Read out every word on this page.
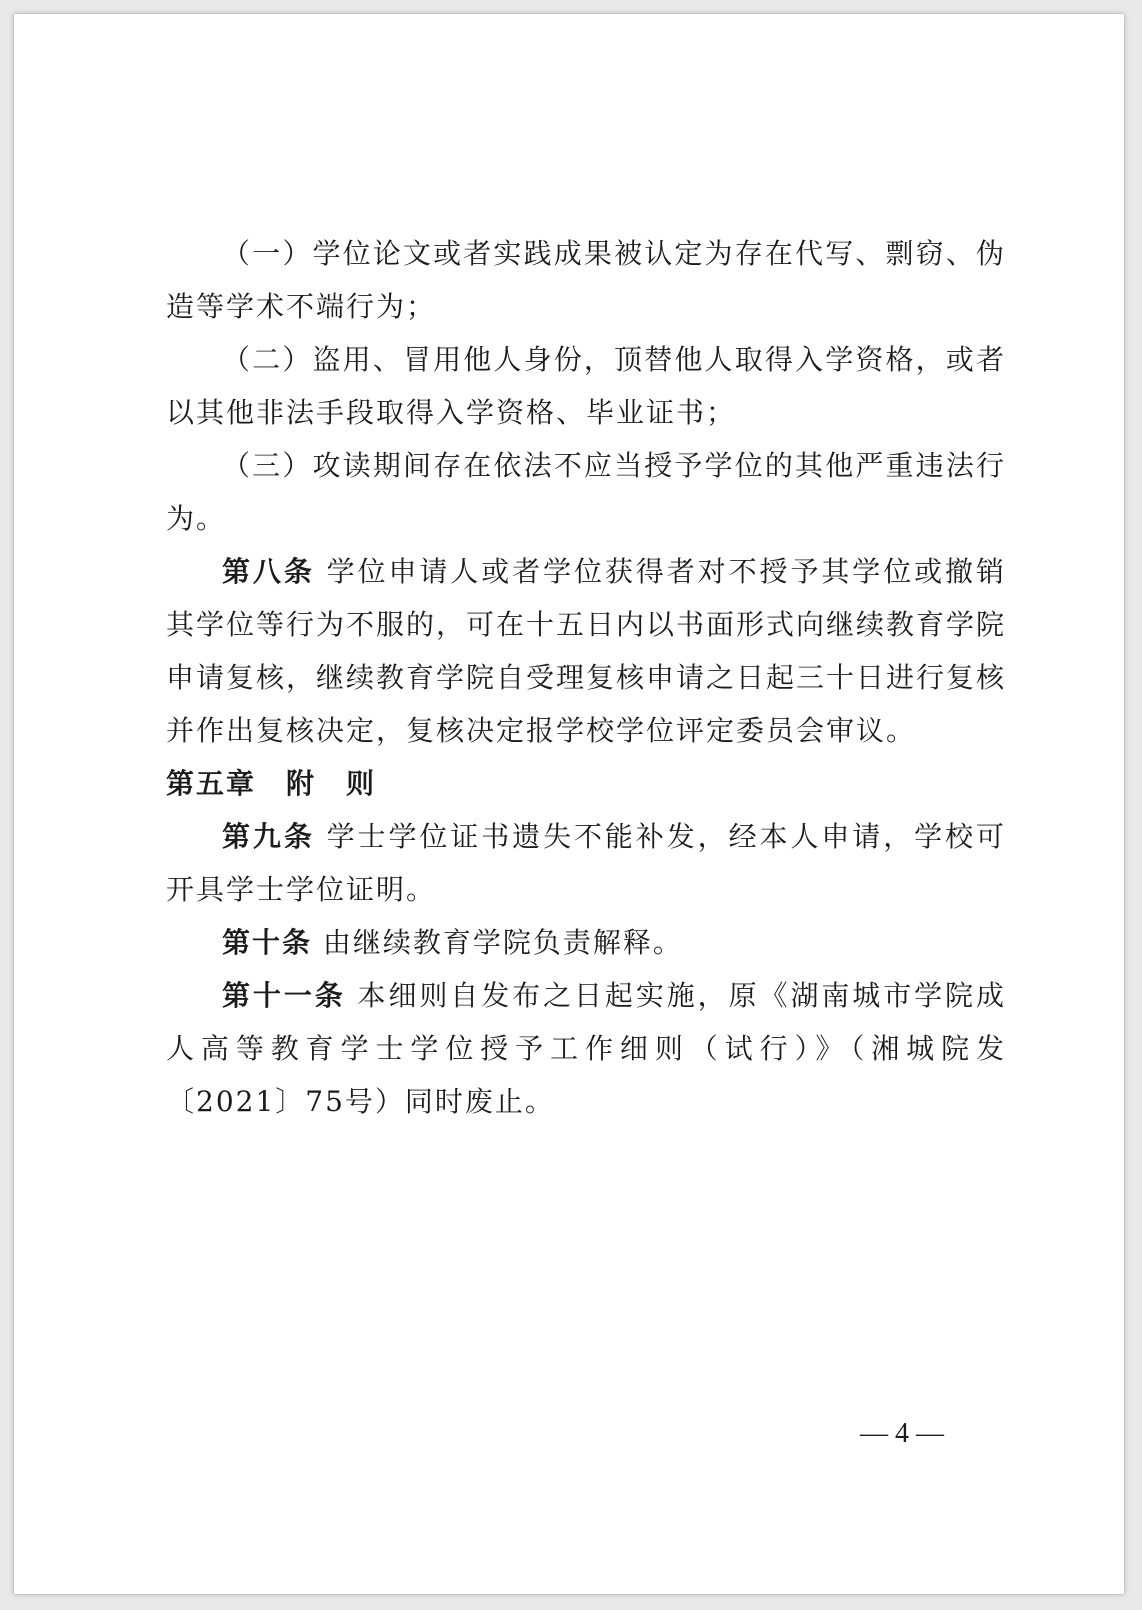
（一）学位论文或者实践成果被认定为存在代写、剽窃、伪造等学术不端行为；

（二）盗用、冒用他人身份，顶替他人取得入学资格，或者以其他非法手段取得入学资格、毕业证书；

（三）攻读期间存在依法不应当授予学位的其他严重违法行为。

第八条 学位申请人或者学位获得者对不授予其学位或撤销其学位等行为不服的，可在十五日内以书面形式向继续教育学院申请复核，继续教育学院自受理复核申请之日起三十日进行复核并作出复核决定，复核决定报学校学位评定委员会审议。

第五章　附　则

第九条 学士学位证书遗失不能补发，经本人申请，学校可开具学士学位证明。

第十条 由继续教育学院负责解释。

第十一条 本细则自发布之日起实施，原《湖南城市学院成人高等教育学士学位授予工作细则（试行）》（湘城院发〔2021〕75号）同时废止。

— 4 —
